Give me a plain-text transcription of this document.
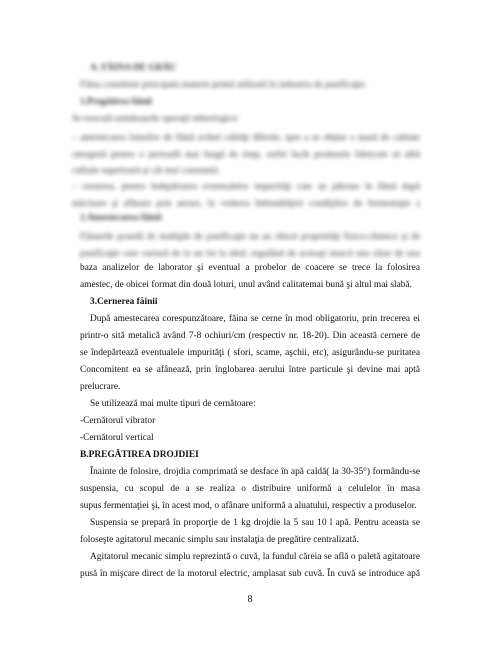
A. FĂINA DE GRÂU
Făina constituie principala materie primă utilizată în industria de panificaţie.
1.Pregătirea făinii
Se execută următoarele operaţii tehnologice:
– amestecarea loturilor de făină având calităţi diferite, spre a se obţine o masă de calitate omogenă pentru o perioadă mai lungă de timp, astfel încât produsele fabricate să aibă calitate superioară şi cât mai constantă;
– cernerea, pentru îndepărtarea eventualelor impurităţi care au pătruns în făină după măcinare şi afânare prin aerare, în vederea îmbunătăţirii condiţiilor de fermentaţie a
2.Amestecarea făinii
Făinurile posedă de multiple de panificaţie nu au obicei proprietăţi fizico-chimice şi de panificaţie care variază de la un lot la altul, regulând de aceeaşi mască una chiar de una
baza analizelor de laborator şi eventual a probelor de coacere se trece la folosirea
amestec, de obicei format din două loturi, unul având calitatemai bună şi altul mai slabă.
3.Cernerea făinii
După amestecarea corespunzătoare, făina se cerne în mod obligatoriu, prin trecerea ei
printr-o sită metalică având 7-8 ochiuri/cm (respectiv nr. 18-20). Din această cernere de
se îndepărtează eventualele impurităţi ( sfori, scame, aşchii, etc), asigurându-se puritatea
Concomitent ea se afânează, prin înglobarea aerului între particule şi devine mai aptă
prelucrare.
Se utilizează mai multe tipuri de cernătoare:
-Cernătorul vibrator
-Cernătorul vertical
B.PREGĂTIREA DROJDIEI
Înainte de folosire, drojdia comprimată se desface în apă caldă( la 30-35°) formându-se
suspensia, cu scopul de a se realiza o distribuire uniformă a celulelor în masa
supus fermentaţiei şi, în acest mod, o afânare uniformă a aluatului, respectiv a produselor.
Suspensia se prepară în proporţie de 1 kg drojdie la 5 sau 10 l apă. Pentru aceasta se
foloseşte agitatorul mecanic simplu sau instalaţia de pregătire centralizată.
Agitatorul mecanic simplu reprezintă o cuvă, la fundul căreia se află o paletă agitatoare
pusă în mişcare direct de la motorul electric, amplasat sub cuvă. În cuvă se introduce apă
8
